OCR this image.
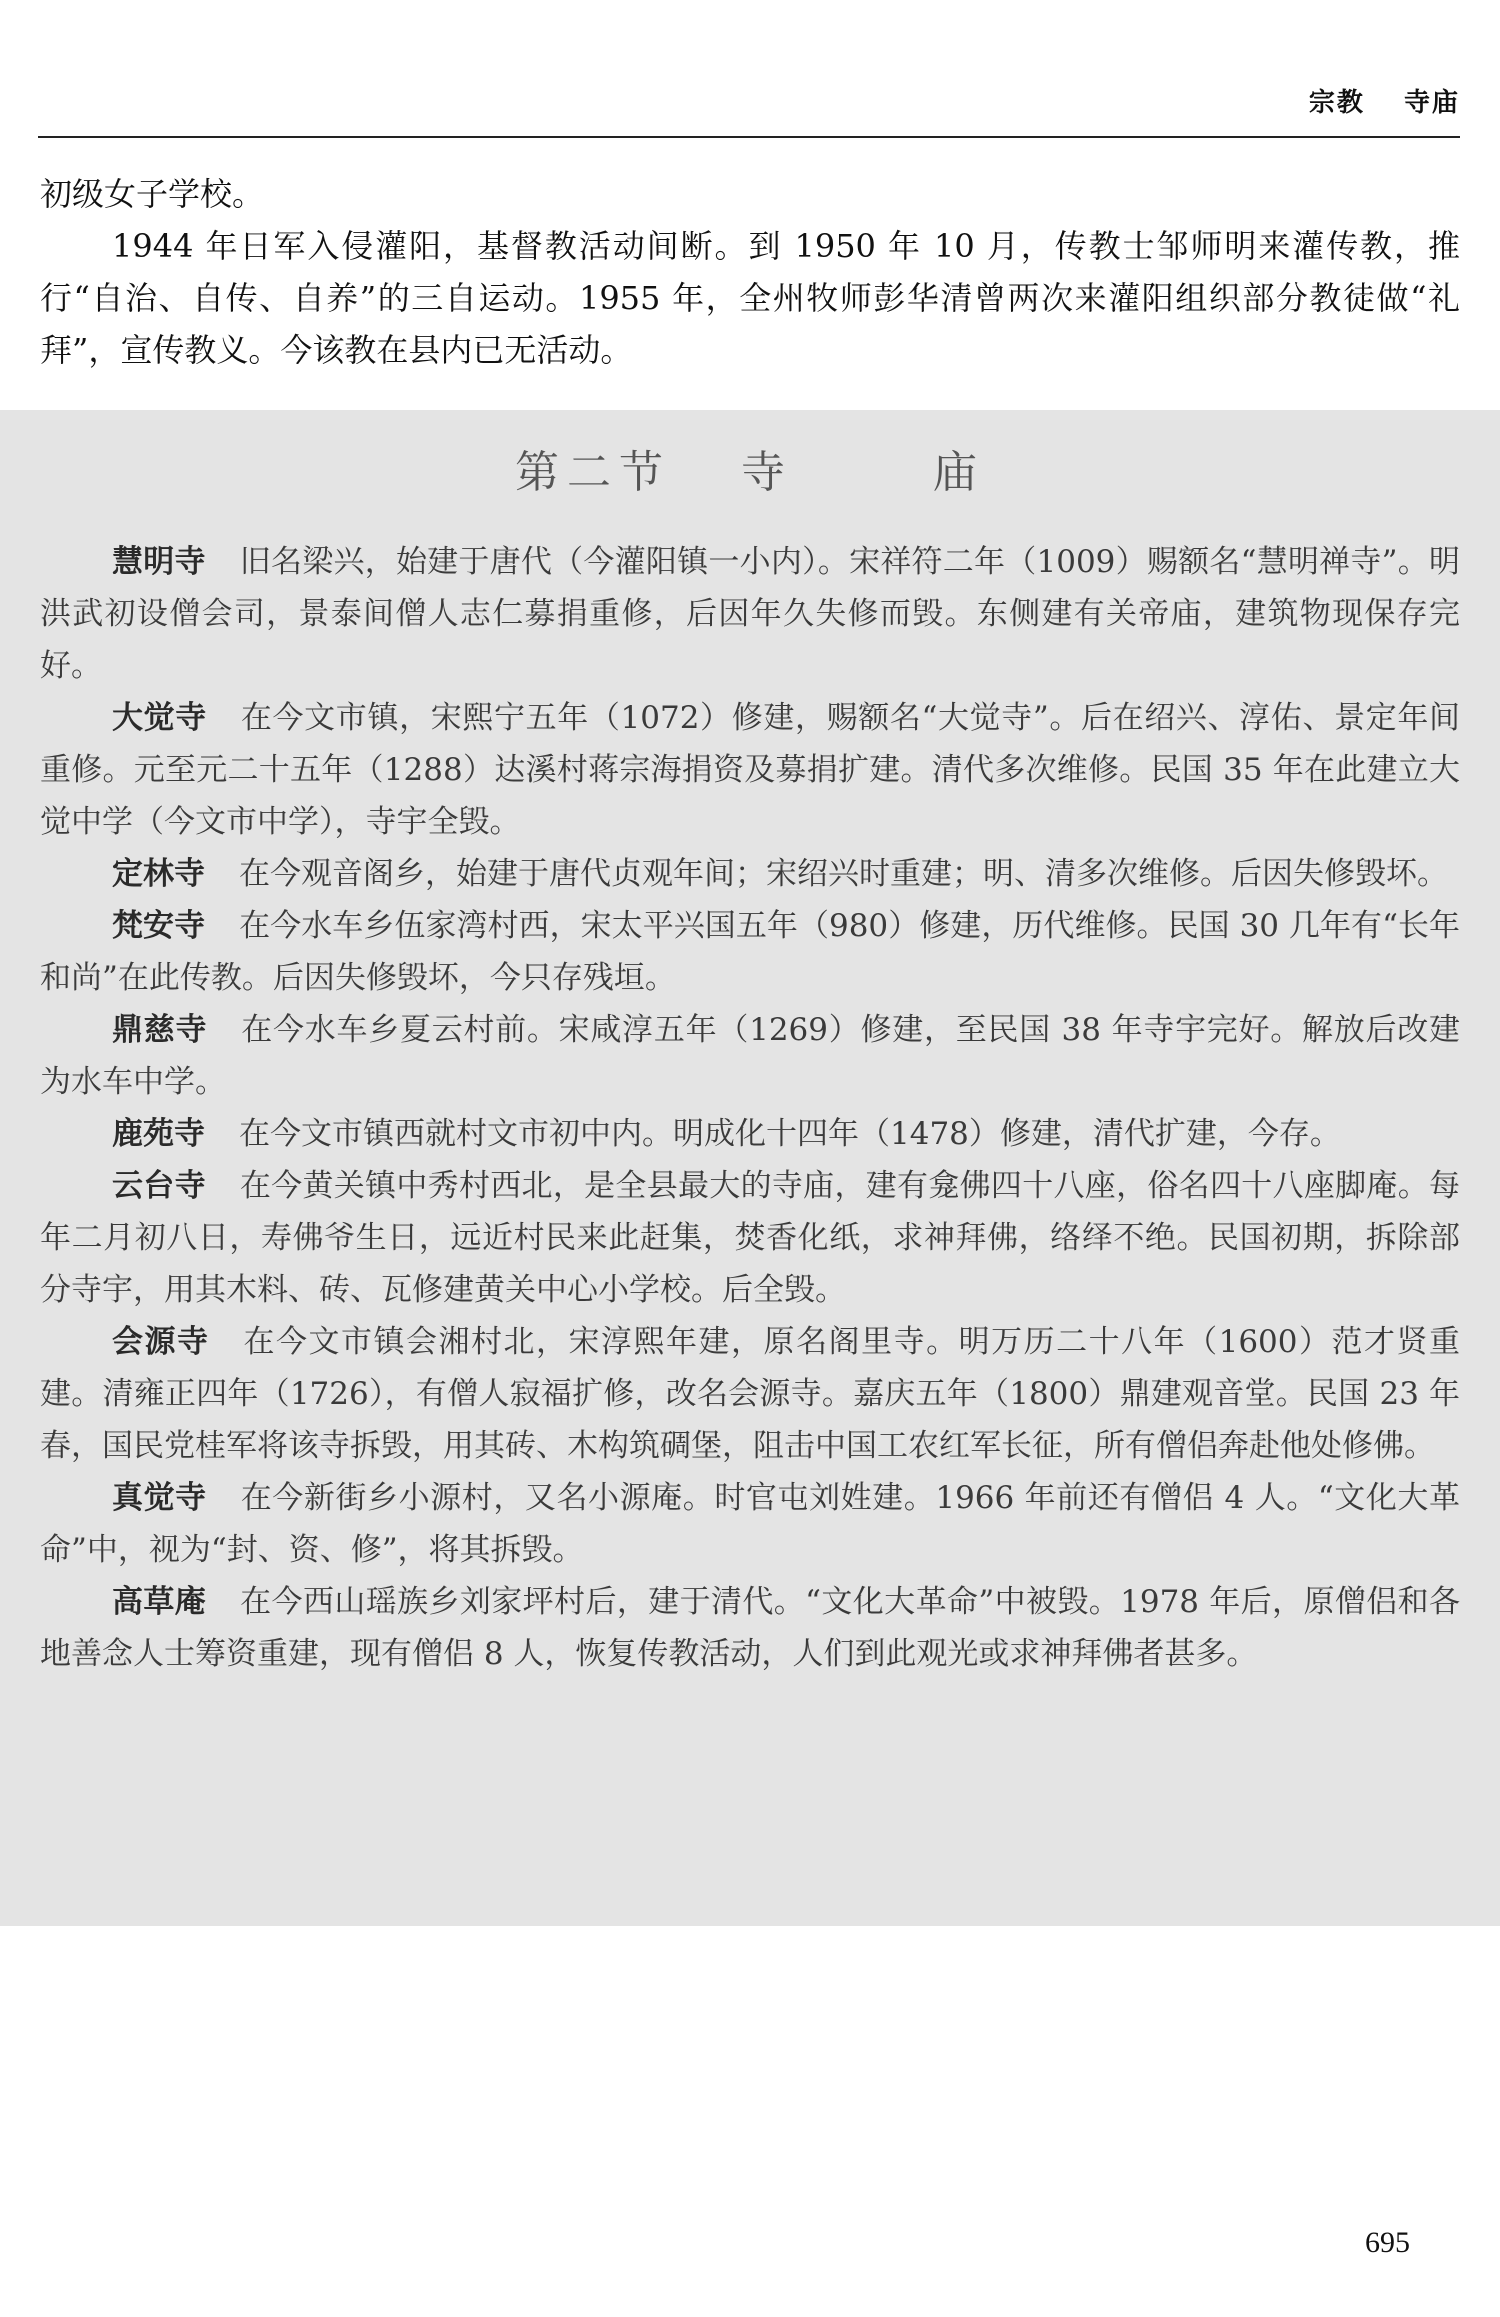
宗教 寺庙

初级女子学校。

1944 年日军入侵灌阳，基督教活动间断。到 1950 年 10 月，传教士邹师明来灌传教，推行“自治、自传、自养”的三自运动。1955 年，全州牧师彭华清曾两次来灌阳组织部分教徒做“礼拜”，宣传教义。今该教在县内已无活动。

第二节 寺	庙

慧明寺 旧名梁兴，始建于唐代（今灌阳镇一小内）。宋祥符二年（1009）赐额名“慧明禅寺”。明洪武初设僧会司，景泰间僧人志仁募捐重修，后因年久失修而毁。东侧建有关帝庙，建筑物现保存完好。

大觉寺 在今文市镇，宋熙宁五年（1072）修建，赐额名“大觉寺”。后在绍兴、淳佑、景定年间重修。元至元二十五年（1288）达溪村蒋宗海捐资及募捐扩建。清代多次维修。民国 35 年在此建立大觉中学（今文市中学），寺宇全毁。

定林寺 在今观音阁乡，始建于唐代贞观年间；宋绍兴时重建；明、清多次维修。后因失修毁坏。

梵安寺 在今水车乡伍家湾村西，宋太平兴国五年（980）修建，历代维修。民国 30 几年有“长年和尚”在此传教。后因失修毁坏，今只存残垣。

鼎慈寺 在今水车乡夏云村前。宋咸淳五年（1269）修建，至民国 38 年寺宇完好。解放后改建为水车中学。

鹿苑寺 在今文市镇西就村文市初中内。明成化十四年（1478）修建，清代扩建，今存。

云台寺 在今黄关镇中秀村西北，是全县最大的寺庙，建有龛佛四十八座，俗名四十八座脚庵。每年二月初八日，寿佛爷生日，远近村民来此赶集，焚香化纸，求神拜佛，络绎不绝。民国初期，拆除部分寺宇，用其木料、砖、瓦修建黄关中心小学校。后全毁。

会源寺 在今文市镇会湘村北，宋淳熙年建，原名阁里寺。明万历二十八年（1600）范才贤重建。清雍正四年（1726），有僧人寂福扩修，改名会源寺。嘉庆五年（1800）鼎建观音堂。民国 23 年春，国民党桂军将该寺拆毁，用其砖、木构筑碉堡，阻击中国工农红军长征，所有僧侣奔赴他处修佛。

真觉寺 在今新街乡小源村，又名小源庵。时官屯刘姓建。1966 年前还有僧侣 4 人。“文化大革命”中，视为“封、资、修”，将其拆毁。

高草庵 在今西山瑶族乡刘家坪村后，建于清代。“文化大革命”中被毁。1978 年后，原僧侣和各地善念人士筹资重建，现有僧侣 8 人，恢复传教活动，人们到此观光或求神拜佛者甚多。

695
